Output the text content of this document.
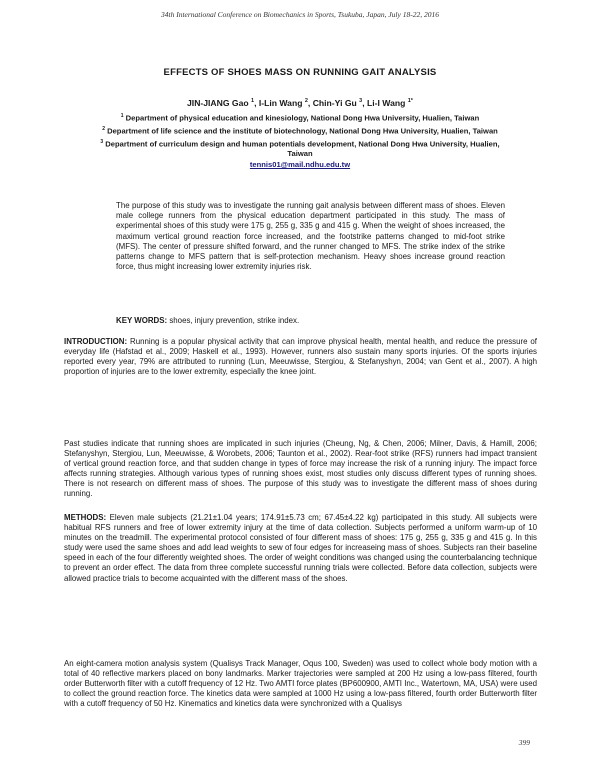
34th International Conference on Biomechanics in Sports, Tsukuba, Japan, July 18-22, 2016
EFFECTS OF SHOES MASS ON RUNNING GAIT ANALYSIS
JIN-JIANG Gao $^1$, I-Lin Wang $^2$, Chin-Yi Gu $^3$, Li-I Wang $^{1*}$

$^1$ Department of physical education and kinesiology, National Dong Hwa University, Hualien, Taiwan

$^2$ Department of life science and the institute of biotechnology, National Dong Hwa University, Hualien, Taiwan

$^3$ Department of curriculum design and human potentials development, National Dong Hwa University, Hualien, Taiwan

tennis01@mail.ndhu.edu.tw

The purpose of this study was to investigate the running gait analysis between different mass of shoes. Eleven male college runners from the physical education department participated in this study. The mass of experimental shoes of this study were 175 g, 255 g, 335 g and 415 g. When the weight of shoes increased, the maximum vertical ground reaction force increased, and the footstrike patterns changed to mid-foot strike (MFS). The center of pressure shifted forward, and the runner changed to MFS. The strike index of the strike patterns change to MFS pattern that is self-protection mechanism. Heavy shoes increase ground reaction force, thus might increasing lower extremity injuries risk.
KEY WORDS: shoes, injury prevention, strike index.

INTRODUCTION: Running is a popular physical activity that can improve physical health, mental health, and reduce the pressure of everyday life (Hafstad et al., 2009; Haskell et al., 1993). However, runners also sustain many sports injuries. Of the sports injuries reported every year, 79% are attributed to running (Lun, Meeuwisse, Stergiou, & Stefanyshyn, 2004; van Gent et al., 2007). A high proportion of injuries are to the lower extremity, especially the knee joint.

Past studies indicate that running shoes are implicated in such injuries (Cheung, Ng, & Chen, 2006; Milner, Davis, & Hamill, 2006; Stefanyshyn, Stergiou, Lun, Meeuwisse, & Worobets, 2006; Taunton et al., 2002). Rear-foot strike (RFS) runners had impact transient of vertical ground reaction force, and that sudden change in types of force may increase the risk of a running injury. The impact force affects running strategies. Although various types of running shoes exist, most studies only discuss different types of running shoes. There is not research on different mass of shoes. The purpose of this study was to investigate the different mass of shoes during running.

METHODS: Eleven male subjects (21.21±1.04 years; 174.91±5.73 cm; 67.45±4.22 kg) participated in this study. All subjects were habitual RFS runners and free of lower extremity injury at the time of data collection. Subjects performed a uniform warm-up of 10 minutes on the treadmill. The experimental protocol consisted of four different mass of shoes: 175 g, 255 g, 335 g and 415 g. In this study were used the same shoes and add lead weights to sew of four edges for increaseing mass of shoes. Subjects ran their baseline speed in each of the four differently weighted shoes. The order of weight conditions was changed using the counterbalancing technique to prevent an order effect. The data from three complete successful running trials were collected. Before data collection, subjects were allowed practice trials to become acquainted with the different mass of the shoes.

An eight-camera motion analysis system (Qualisys Track Manager, Oqus 100, Sweden) was used to collect whole body motion with a total of 40 reflective markers placed on bony landmarks. Marker trajectories were sampled at 200 Hz using a low-pass filtered, fourth order Butterworth filter with a cutoff frequency of 12 Hz. Two AMTI force plates (BP600900, AMTI Inc., Watertown, MA, USA) were used to collect the ground reaction force. The kinetics data were sampled at 1000 Hz using a low-pass filtered, fourth order Butterworth filter with a cutoff frequency of 50 Hz. Kinematics and kinetics data were synchronized with a Qualisys

399
